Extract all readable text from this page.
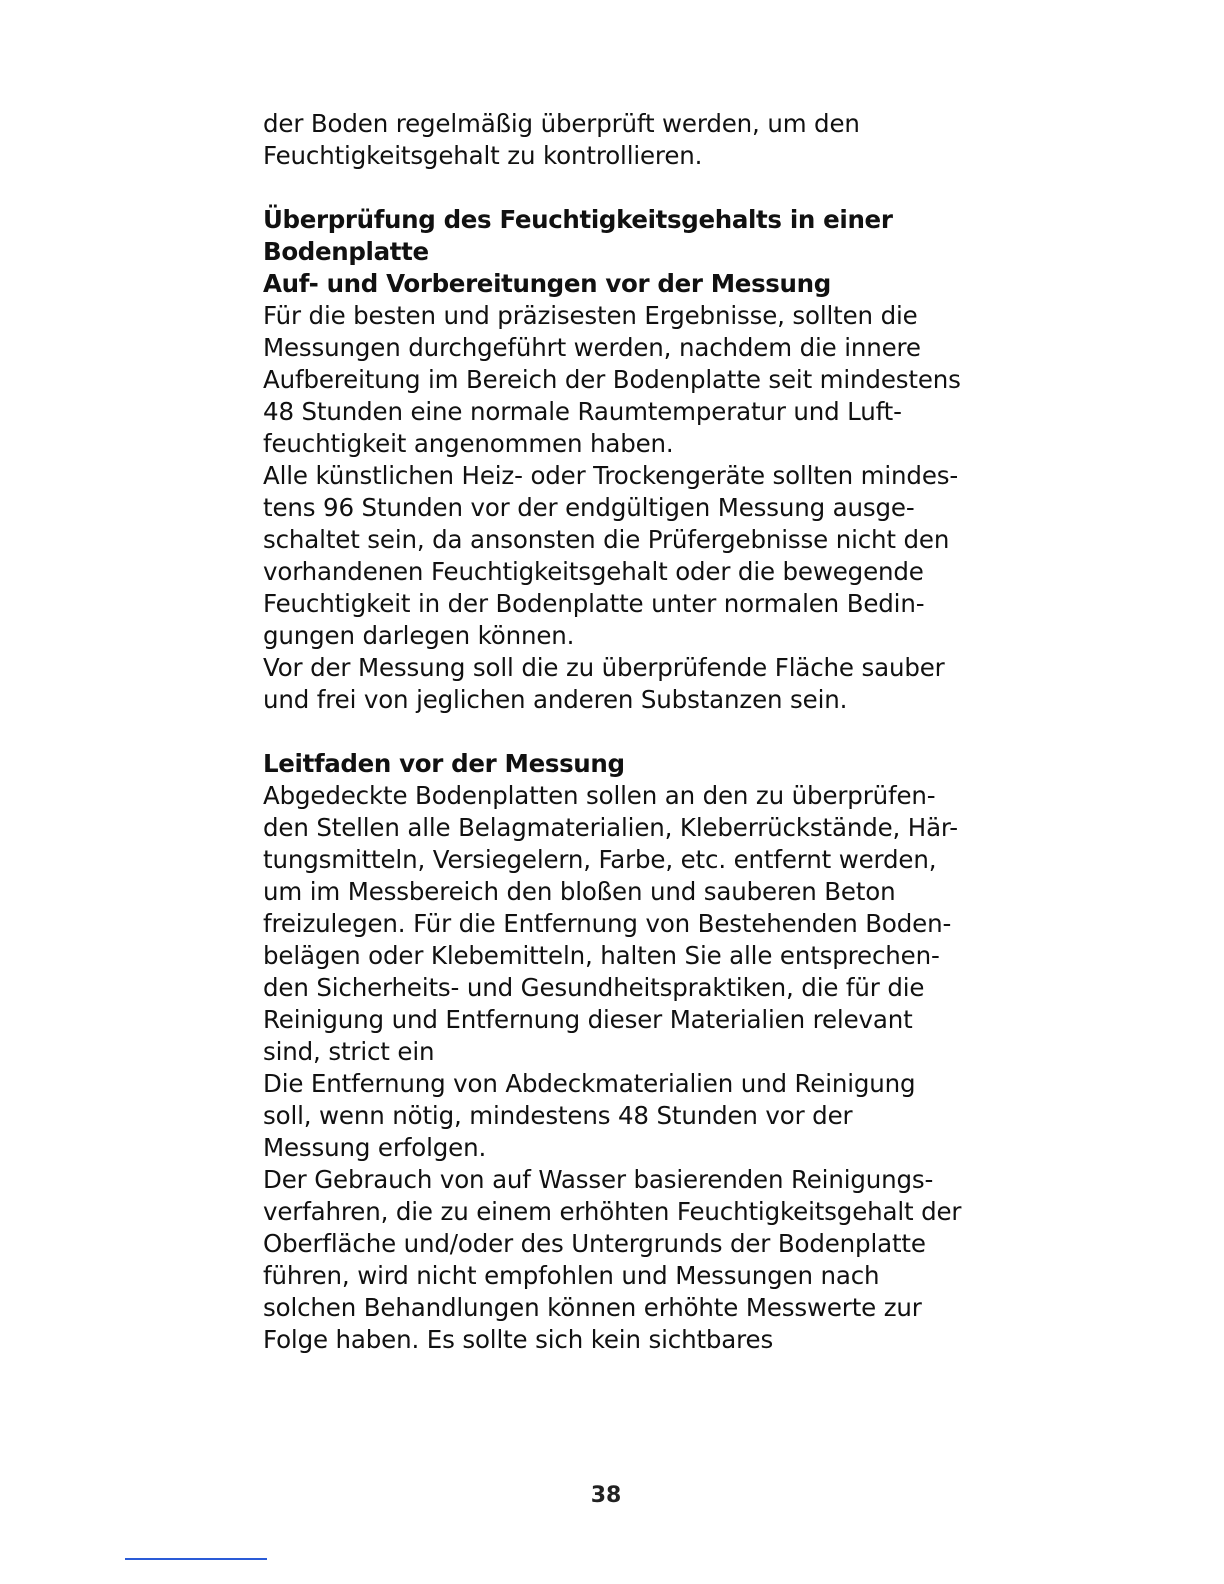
der Boden regelmäßig überprüft werden, um den
Feuchtigkeitsgehalt zu kontrollieren.
Überprüfung des Feuchtigkeitsgehalts in einer
Bodenplatte
Auf- und Vorbereitungen vor der Messung
Für die besten und präzisesten Ergebnisse, sollten die
Messungen durchgeführt werden, nachdem die innere
Aufbereitung im Bereich der Bodenplatte seit mindestens
48 Stunden eine normale Raumtemperatur und Luft-
feuchtigkeit angenommen haben.
Alle künstlichen Heiz- oder Trockengeräte sollten mindes-
tens 96 Stunden vor der endgültigen Messung ausge-
schaltet sein, da ansonsten die Prüfergebnisse nicht den
vorhandenen Feuchtigkeitsgehalt oder die bewegende
Feuchtigkeit in der Bodenplatte unter normalen Bedin-
gungen darlegen können.
Vor der Messung soll die zu überprüfende Fläche sauber
und frei von jeglichen anderen Substanzen sein.
Leitfaden vor der Messung
Abgedeckte Bodenplatten sollen an den zu überprüfen-
den Stellen alle Belagmaterialien, Kleberrückstände, Här-
tungsmitteln, Versiegelern, Farbe, etc. entfernt werden,
um im Messbereich den bloßen und sauberen Beton
freizulegen. Für die Entfernung von Bestehenden Boden-
belägen oder Klebemitteln, halten Sie alle entsprechen-
den Sicherheits- und Gesundheitspraktiken, die für die
Reinigung und Entfernung dieser Materialien relevant
sind, strict ein
Die Entfernung von Abdeckmaterialien und Reinigung
soll, wenn nötig, mindestens 48 Stunden vor der
Messung erfolgen.
Der Gebrauch von auf Wasser basierenden Reinigungs-
verfahren, die zu einem erhöhten Feuchtigkeitsgehalt der
Oberfläche und/oder des Untergrunds der Bodenplatte
führen, wird nicht empfohlen und Messungen nach
solchen Behandlungen können erhöhte Messwerte zur
Folge haben. Es sollte sich kein sichtbares
38
